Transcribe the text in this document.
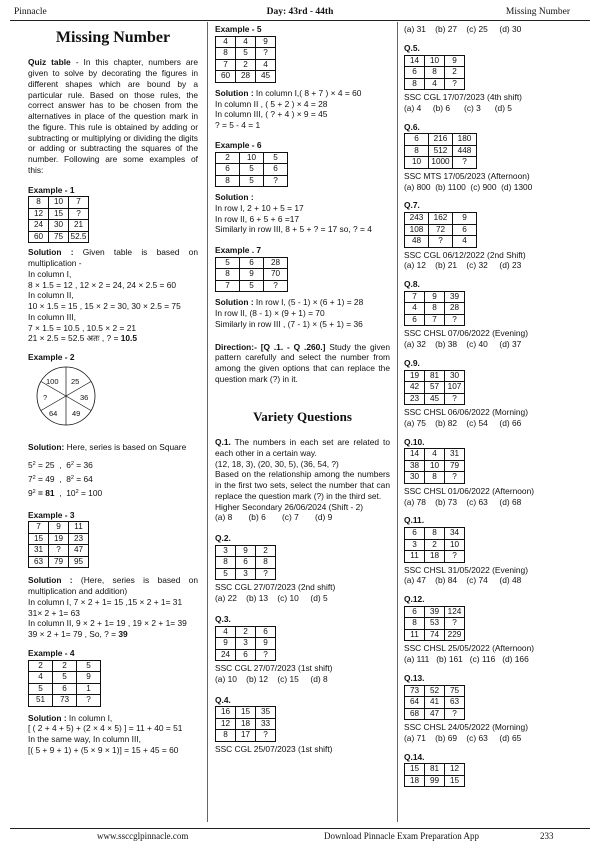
Pinnacle	Day: 43rd - 44th	Missing Number
Missing Number
Quiz table - In this chapter, numbers are given to solve by decorating the figures in different shapes which are bound by a particular rule. Based on those rules, the correct answer has to be chosen from the alternatives in place of the question mark in the figure. This rule is obtained by adding or subtracting or multiplying or dividing the digits or adding or subtracting the squares of the number. Following are some examples of this:
Example - 1
8	10	7
12	15	?
24	30	21
60	75	52.5
Solution : Given table is based on multiplication -
In column I,
8 × 1.5 = 12 , 12 × 2 = 24, 24 × 2.5 = 60
In column II,
10 × 1.5 = 15 , 15 × 2 = 30, 30 × 2.5 = 75
In column III,
7 × 1.5 = 10.5 , 10.5 × 2 = 21
21 × 2.5 = 52.5 अतः , ? = 10.5
Example - 2
100 25
36
49
64
?
Solution: Here, series is based on Square
$5^2 = 25$  ,  $6^2 = 36$
$7^2 = 49$  ,  $8^2 = 64$
$9^2 = 81$  ,  $10^2 = 100$
Example - 3
7	9	11
15	19	23
31	?	47
63	79	95
Solution : (Here, series is based on multiplication and addition)
In column I, 7 × 2 + 1= 15 ,15 × 2 + 1= 31
31× 2 + 1= 63
In column II, 9 × 2 + 1= 19 , 19 × 2 + 1= 39
39 × 2 + 1= 79 , So, ? = 39
Example - 4
2	2	5
4	5	9
5	6	1
51	73	?
Solution : In column I,
[ ( 2 + 4 + 5) + (2 × 4 × 5) ] = 11 + 40 = 51
In the same way, In column III,
[( 5 + 9 + 1) + (5 × 9 × 1)] = 15 + 45 = 60
Example - 5
4	4	9
8	5	?
7	2	4
60	28	45
Solution : In column I,( 8 + 7 ) × 4 = 60
In column II , ( 5 + 2 ) × 4 = 28
In column III, ( ? + 4 ) × 9 = 45
? = 5 - 4 = 1
Example - 6
2	10	5
6	5	6
8	5	?
Solution :
In row I, 2 + 10 + 5 = 17
In row II, 6 + 5 + 6 =17
Similarly in row III, 8 + 5 + ? = 17 so, ? = 4
Example . 7
5	6	28
8	9	70
7	5	?
Solution : In row I, (5 - 1) × (6 + 1) = 28
In row II, (8 - 1) × (9 + 1) = 70
Similarly in row III , (7 - 1) × (5 + 1) = 36
Direction:- [Q .1. - Q .260.] Study the given pattern carefully and select the number from among the given options that can replace the question mark (?) in it.
Variety Questions
Q.1. The numbers in each set are related to each other in a certain way.
(12, 18, 3), (20, 30, 5), (36, 54, ?)
Based on the relationship among the numbers in the first two sets, select the number that can replace the question mark (?) in the third set.
Higher Secondary 26/06/2024 (Shift - 2)
(a) 8       (b) 6       (c) 7       (d) 9
Q.2.
3	9	2
8	6	8
5	3	?
SSC CGL 27/07/2023 (2nd shift)
(a) 22    (b) 13    (c) 10     (d) 5
Q.3.
4	2	6
9	3	9
24	6	?
SSC CGL 27/07/2023 (1st shift)
(a) 10    (b) 12    (c) 15     (d) 8
Q.4.
16	15	35
12	18	33
8	17	?
SSC CGL 25/07/2023 (1st shift)
(a) 31    (b) 27    (c) 25     (d) 30
Q.5.
14	10	9
6	8	2
8	4	?
SSC CGL 17/07/2023 (4th shift)
(a) 4     (b) 6      (c) 3      (d) 5
Q.6.
6	216	180
8	512	448
10	1000	?
SSC MTS 17/05/2023 (Afternoon)
(a) 800  (b) 1100  (c) 900  (d) 1300
Q.7.
243	162	9
108	72	6
48	?	4
SSC CGL 06/12/2022 (2nd Shift)
(a) 12    (b) 21    (c) 32     (d) 23
Q.8.
7	9	39
4	8	28
6	7	?
SSC CHSL 07/06/2022 (Evening)
(a) 32    (b) 38    (c) 40     (d) 37
Q.9.
19	81	30
42	57	107
23	45	?
SSC CHSL 06/06/2022 (Morning)
(a) 75    (b) 82    (c) 54     (d) 66
Q.10.
14	4	31
38	10	79
30	8	?
SSC CHSL 01/06/2022 (Afternoon)
(a) 78    (b) 73    (c) 63     (d) 68
Q.11.
6	8	34
3	2	10
11	18	?
SSC CHSL 31/05/2022 (Evening)
(a) 47    (b) 84    (c) 74     (d) 48
Q.12.
6	39	124
8	53	?
11	74	229
SSC CHSL 25/05/2022 (Afternoon)
(a) 111   (b) 161   (c) 116   (d) 166
Q.13.
73	52	75
64	41	63
68	47	?
SSC CHSL 24/05/2022 (Morning)
(a) 71    (b) 69    (c) 63     (d) 65
Q.14.
15	81	12
18	99	15
www.ssccglpinnacle.com	Download Pinnacle Exam Preparation App	233
